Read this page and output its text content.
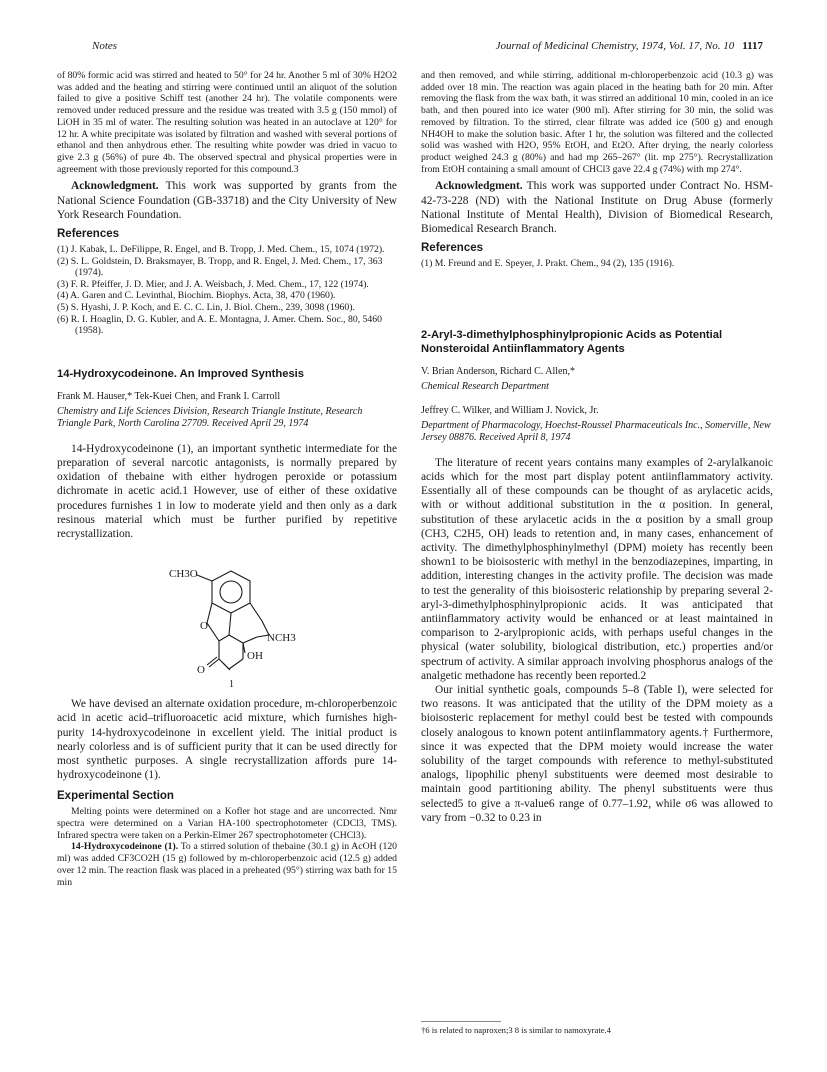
Notes	Journal of Medicinal Chemistry, 1974, Vol. 17, No. 10 1117

of 80% formic acid was stirred and heated to 50° for 24 hr. Another 5 ml of 30% H2O2 was added and the heating and stirring were continued until an aliquot of the solution failed to give a positive Schiff test (another 24 hr). The volatile components were removed under reduced pressure and the residue was treated with 3.5 g (150 mmol) of LiOH in 35 ml of water. The resulting solution was heated in an autoclave at 120° for 12 hr. A white precipitate was isolated by filtration and washed with several portions of ethanol and then anhydrous ether. The resulting white powder was dried in vacuo to give 2.3 g (56%) of pure 4b. The observed spectral and physical properties were in agreement with those previously reported for this compound.3

Acknowledgment. This work was supported by grants from the National Science Foundation (GB-33718) and the City University of New York Research Foundation.

References
(1) J. Kabak, L. DeFilippe, R. Engel, and B. Tropp, J. Med. Chem., 15, 1074 (1972).
(2) S. L. Goldstein, D. Braksmayer, B. Tropp, and R. Engel, J. Med. Chem., 17, 363 (1974).
(3) F. R. Pfeiffer, J. D. Mier, and J. A. Weisbach, J. Med. Chem., 17, 122 (1974).
(4) A. Garen and C. Levinthal, Biochim. Biophys. Acta, 38, 470 (1960).
(5) S. Hyashi, J. P. Koch, and E. C. C. Lin, J. Biol. Chem., 239, 3098 (1960).
(6) R. I. Hoaglin, D. G. Kubler, and A. E. Montagna, J. Amer. Chem. Soc., 80, 5460 (1958).
14-Hydroxycodeinone. An Improved Synthesis

Frank M. Hauser,* Tek-Kuei Chen, and Frank I. Carroll

Chemistry and Life Sciences Division, Research Triangle Institute, Research Triangle Park, North Carolina 27709. Received April 29, 1974

14-Hydroxycodeinone (1), an important synthetic intermediate for the preparation of several narcotic antagonists, is normally prepared by oxidation of thebaine with either hydrogen peroxide or potassium dichromate in acetic acid.1 However, use of either of these oxidative procedures furnishes 1 in low to moderate yield and then only as a dark resinous material which must be further purified by repetitive recrystallization.

CH3O
O
NCH3
OH
O
1

We have devised an alternate oxidation procedure, m-chloroperbenzoic acid in acetic acid–trifluoroacetic acid mixture, which furnishes high-purity 14-hydroxycodeinone in excellent yield. The initial product is nearly colorless and is of sufficient purity that it can be used directly for most synthetic purposes. A single recrystallization affords pure 14-hydroxycodeinone (1).

Experimental Section

Melting points were determined on a Kofler hot stage and are uncorrected. Nmr spectra were determined on a Varian HA-100 spectrophotometer (CDCl3, TMS). Infrared spectra were taken on a Perkin-Elmer 267 spectrophotometer (CHCl3).

14-Hydroxycodeinone (1). To a stirred solution of thebaine (30.1 g) in AcOH (120 ml) was added CF3CO2H (15 g) followed by m-chloroperbenzoic acid (12.5 g) added over 12 min. The reaction flask was placed in a preheated (95°) stirring wax bath for 15 min

and then removed, and while stirring, additional m-chloroperbenzoic acid (10.3 g) was added over 18 min. The reaction was again placed in the heating bath for 20 min. After removing the flask from the wax bath, it was stirred an additional 10 min, cooled in an ice bath, and then poured into ice water (900 ml). After stirring for 30 min, the solid was removed by filtration. To the stirred, clear filtrate was added ice (500 g) and enough NH4OH to make the solution basic. After 1 hr, the solution was filtered and the collected solid was washed with H2O, 95% EtOH, and Et2O. After drying, the nearly colorless product weighed 24.3 g (80%) and had mp 265–267° (lit. mp 275°). Recrystallization from EtOH containing a small amount of CHCl3 gave 22.4 g (74%) with mp 274°.

Acknowledgment. This work was supported under Contract No. HSM-42-73-228 (ND) with the National Institute on Drug Abuse (formerly National Institute of Mental Health), Division of Biomedical Research, Biomedical Research Branch.

References
(1) M. Freund and E. Speyer, J. Prakt. Chem., 94 (2), 135 (1916).
2-Aryl-3-dimethylphosphinylpropionic Acids as Potential Nonsteroidal Antiinflammatory Agents

V. Brian Anderson, Richard C. Allen,*

Chemical Research Department

Jeffrey C. Wilker, and William J. Novick, Jr.

Department of Pharmacology, Hoechst-Roussel Pharmaceuticals Inc., Somerville, New Jersey 08876. Received April 8, 1974

The literature of recent years contains many examples of 2-arylalkanoic acids which for the most part display potent antiinflammatory activity. Essentially all of these compounds can be thought of as arylacetic acids, with or without additional substitution in the α position. In general, substitution of these arylacetic acids in the α position by a small group (CH3, C2H5, OH) leads to retention and, in many cases, enhancement of activity. The dimethylphosphinylmethyl (DPM) moiety has recently been shown1 to be bioisosteric with methyl in the benzodiazepines, imparting, in addition, interesting changes in the activity profile. The decision was made to test the generality of this bioisosteric relationship by preparing several 2-aryl-3-dimethylphosphinylpropionic acids. It was anticipated that antiinflammatory activity would be enhanced or at least maintained in comparison to 2-arylpropionic acids, with perhaps useful changes in the physical (water solubility, biological distribution, etc.) properties and/or spectrum of activity. A similar approach involving phosphorus analogs of the analgetic methadone has recently been reported.2

Our initial synthetic goals, compounds 5–8 (Table I), were selected for two reasons. It was anticipated that the utility of the DPM moiety as a bioisosteric replacement for methyl could best be tested with compounds closely analogous to known potent antiinflammatory agents.† Furthermore, since it was expected that the DPM moiety would increase the water solubility of the target compounds with reference to methyl-substituted analogs, lipophilic phenyl substituents were deemed most desirable to maintain good partitioning ability. The phenyl substituents were thus selected5 to give a π-value6 range of 0.77–1.92, while σ6 was allowed to vary from −0.32 to 0.23 in

†6 is related to naproxen;3 8 is similar to namoxyrate.4
